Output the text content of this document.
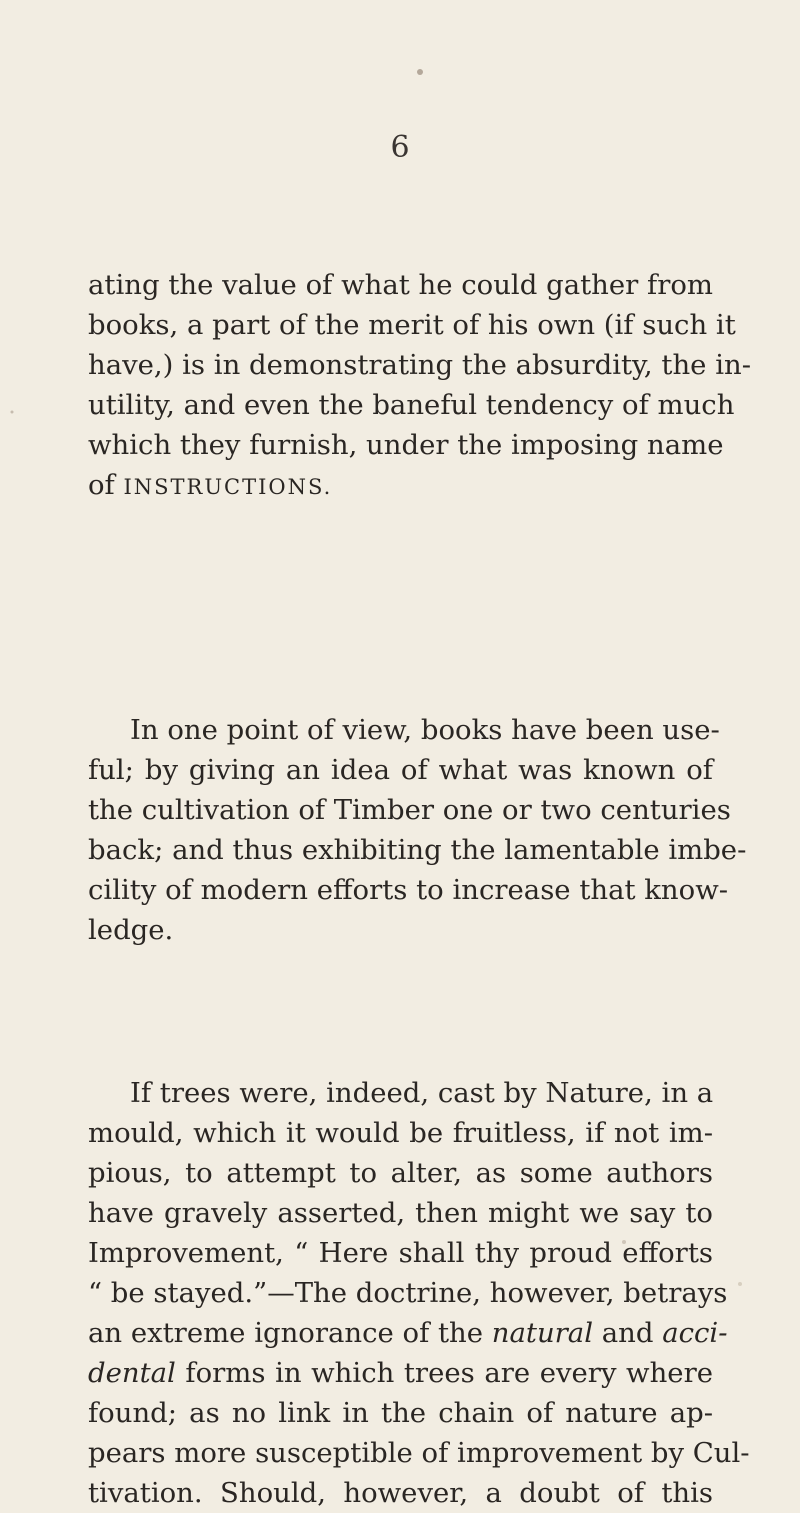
6
ating the value of what he could gather from
books, a part of the merit of his own (if such it
have,) is in demonstrating the absurdity, the in-
utility, and even the baneful tendency of much
which they furnish, under the imposing name
of INSTRUCTIONS.
In one point of view, books have been use-
ful; by giving an idea of what was known of
the cultivation of Timber one or two centuries
back; and thus exhibiting the lamentable imbe-
cility of modern efforts to increase that know-
ledge.
If trees were, indeed, cast by Nature, in a
mould, which it would be fruitless, if not im-
pious, to attempt to alter, as some authors
have gravely asserted, then might we say to
Improvement, “ Here shall thy proud efforts
“ be stayed.”—The doctrine, however, betrays
an extreme ignorance of the natural and acci-
dental forms in which trees are every where
found; as no link in the chain of nature ap-
pears more susceptible of improvement by Cul-
tivation. Should, however, a doubt of this
